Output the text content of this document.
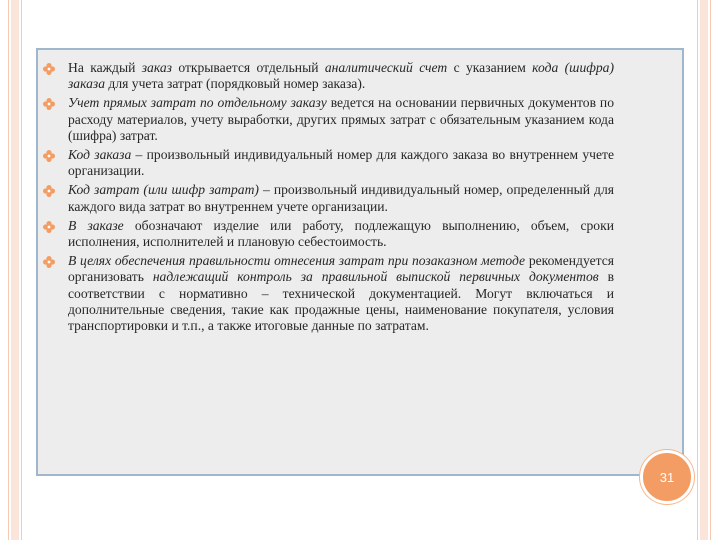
На каждый заказ открывается отдельный аналитический счет с указанием кода (шифра) заказа для учета затрат (порядковый номер заказа).
Учет прямых затрат по отдельному заказу ведется на основании первичных документов по расходу материалов, учету выработки, других прямых затрат с обязательным указанием кода (шифра) затрат.
Код заказа – произвольный индивидуальный номер для каждого заказа во внутреннем учете организации.
Код затрат (или шифр затрат) – произвольный индивидуальный номер, определенный для каждого вида затрат во внутреннем учете организации.
В заказе обозначают изделие или работу, подлежащую выполнению, объем, сроки исполнения, исполнителей и плановую себестоимость.
В целях обеспечения правильности отнесения затрат при позаказном методе рекомендуется организовать надлежащий контроль за правильной выпиской первичных документов в соответствии с нормативно – технической документацией. Могут включаться и дополнительные сведения, такие как продажные цены, наименование покупателя, условия транспортировки и т.п., а также итоговые данные по затратам.
31
